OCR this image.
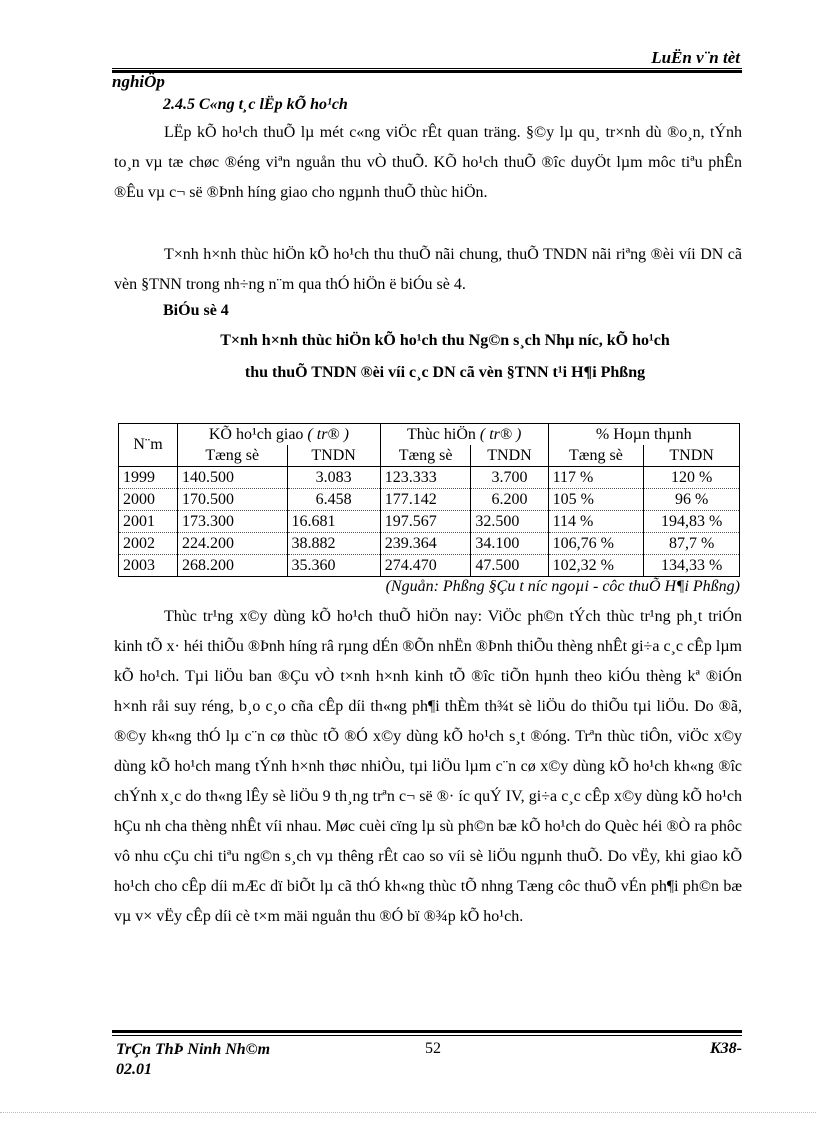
LuËn v¨n tèt
nghiÖp
2.4.5 C«ng t¸c lËp kÕ ho¹ch

LËp kÕ ho¹ch thuÕ lµ mét c«ng viÖc rÊt quan träng. §©y lµ qu¸ tr×nh dù ®o¸n, tÝnh to¸n vµ tæ chøc ®éng viªn nguån thu vÒ thuÕ. KÕ ho¹ch thuÕ ®îc duyÖt lµm môc tiªu phÊn ®Êu vµ c¬ së ®Þnh híng giao cho ngµnh thuÕ thùc hiÖn.

T×nh h×nh thùc hiÖn kÕ ho¹ch thu thuÕ nãi chung, thuÕ TNDN nãi riªng ®èi víi DN cã vèn §TNN trong nh÷ng n¨m qua thÓ hiÖn ë biÓu sè 4.

BiÓu sè 4
T×nh h×nh thùc hiÖn kÕ ho¹ch thu Ng©n s¸ch Nhµ níc, kÕ ho¹ch
thu thuÕ TNDN ®èi víi c¸c DN cã vèn §TNN t¹i H¶i Phßng
N¨m	KÕ ho¹ch giao ( tr® )		Thùc hiÖn ( tr® )		% Hoµn thµnh	
	Tæng sè	TNDN	Tæng sè	TNDN	Tæng sè	TNDN
1999	140.500	3.083	123.333	3.700	117 %	120 %
2000	170.500	6.458	177.142	6.200	105 %	96 %
2001	173.300	16.681	197.567	32.500	114 %	194,83 %
2002	224.200	38.882	239.364	34.100	106,76 %	87,7 %
2003	268.200	35.360	274.470	47.500	102,32 %	134,33 %
(Nguån: Phßng §Çu t níc ngoµi - côc thuÕ H¶i Phßng)

Thùc tr¹ng x©y dùng kÕ ho¹ch thuÕ hiÖn nay: ViÖc ph©n tÝch thùc tr¹ng ph¸t triÓn kinh tÕ x· héi thiÕu ®Þnh híng râ rµng dÉn ®Õn nhËn ®Þnh thiÕu thèng nhÊt gi÷a c¸c cÊp lµm kÕ ho¹ch. Tµi liÖu ban ®Çu vÒ t×nh h×nh kinh tÕ ®îc tiÕn hµnh theo kiÓu thèng kª ®iÓn h×nh råi suy réng, b¸o c¸o cña cÊp díi th«ng ph¶i thÈm th¾t sè liÖu do thiÕu tµi liÖu. Do ®ã, ®©y kh«ng thÓ lµ c¨n cø thùc tÕ ®Ó x©y dùng kÕ ho¹ch s¸t ®óng. Trªn thùc tiÔn, viÖc x©y dùng kÕ ho¹ch mang tÝnh h×nh thøc nhiÒu, tµi liÖu lµm c¨n cø x©y dùng kÕ ho¹ch kh«ng ®îc chÝnh x¸c do th«ng lÊy sè liÖu 9 th¸ng trªn c¬ së ®· íc quÝ IV, gi÷a c¸c cÊp x©y dùng kÕ ho¹ch hÇu nh cha thèng nhÊt víi nhau. Møc cuèi cïng lµ sù ph©n bæ kÕ ho¹ch do Quèc héi ®Ò ra phôc vô nhu cÇu chi tiªu ng©n s¸ch vµ thêng rÊt cao so víi sè liÖu ngµnh thuÕ. Do vËy, khi giao kÕ ho¹ch cho cÊp díi mÆc dï biÕt lµ cã thÓ kh«ng thùc tÕ nhng Tæng côc thuÕ vÉn ph¶i ph©n bæ vµ v× vËy cÊp díi cè t×m mäi nguån thu ®Ó bï ®¾p kÕ ho¹ch.

TrÇn ThÞ Ninh Nh©m
02.01
52	K38-
